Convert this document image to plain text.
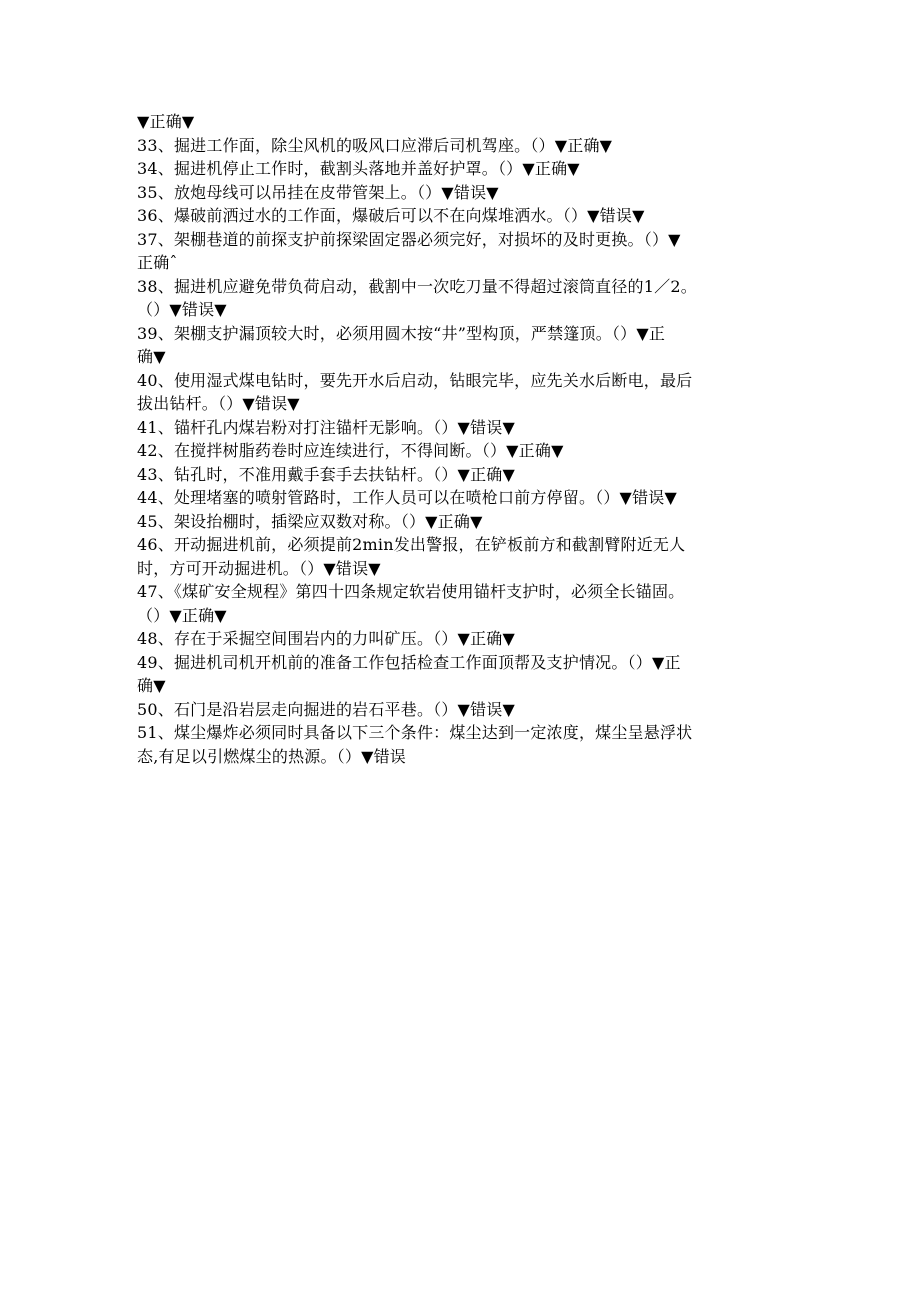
▼正确▼
33、掘进工作面，除尘风机的吸风口应滞后司机驾座。（）▼正确▼
34、掘进机停止工作时，截割头落地并盖好护罩。（）▼正确▼
35、放炮母线可以吊挂在皮带管架上。（）▼错误▼
36、爆破前洒过水的工作面，爆破后可以不在向煤堆洒水。（）▼错误▼
37、架棚巷道的前探支护前探梁固定器必须完好，对损坏的及时更换。（）▼
正确ˆ
38、掘进机应避免带负荷启动，截割中一次吃刀量不得超过滚筒直径的1／2。
（）▼错误▼
39、架棚支护漏顶较大时，必须用圆木按“井”型构顶，严禁篷顶。（）▼正
确▼
40、使用湿式煤电钻时，要先开水后启动，钻眼完毕，应先关水后断电，最后
拔出钻杆。（）▼错误▼
41、锚杆孔内煤岩粉对打注锚杆无影响。（）▼错误▼
42、在搅拌树脂药卷时应连续进行，不得间断。（）▼正确▼
43、钻孔时，不准用戴手套手去扶钻杆。（）▼正确▼
44、处理堵塞的喷射管路时，工作人员可以在喷枪口前方停留。（）▼错误▼
45、架设抬棚时，插梁应双数对称。（）▼正确▼
46、开动掘进机前，必须提前2min发出警报，在铲板前方和截割臂附近无人
时，方可开动掘进机。（）▼错误▼
47、《煤矿安全规程》第四十四条规定软岩使用锚杆支护时，必须全长锚固。
（）▼正确▼
48、存在于采掘空间围岩内的力叫矿压。（）▼正确▼
49、掘进机司机开机前的准备工作包括检查工作面顶帮及支护情况。（）▼正
确▼
50、石门是沿岩层走向掘进的岩石平巷。（）▼错误▼
51、煤尘爆炸必须同时具备以下三个条件：煤尘达到一定浓度，煤尘呈悬浮状
态,有足以引燃煤尘的热源。（）▼错误
